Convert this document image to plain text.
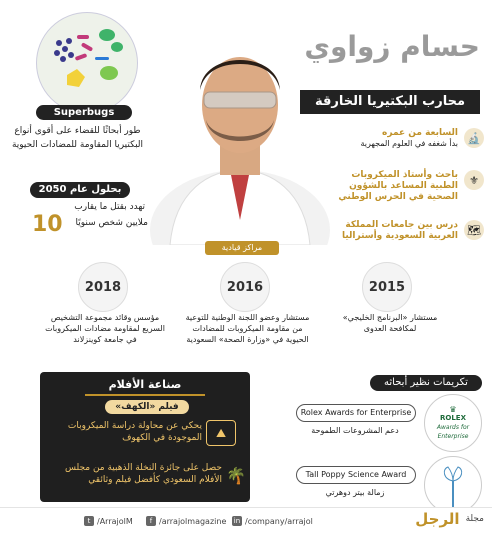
حسام زواوي
محارب البكتيريا الخارقة
Superbugs
طور أبحاثًا للقضاء على أقوى أنواع البكتيريا المقاومة للمضادات الحيوية
بحلول عام 2050
تهدد بقتل ما يقارب
10	ملايين شخص سنويًا
🔬
السابعة من عمره
بدأ شغفه في العلوم المجهرية
⚜
باحث وأستاذ الميكروبات الطبية المساعد بالشؤون الصحية في الحرس الوطني
🗺
درس بين جامعات المملكة العربية السعودية وأستراليا
مراكز قيادية
2018
مؤسس وقائد مجموعة التشخيص السريع لمقاومة مضادات الميكروبات في جامعة كوينزلاند
2016
مستشار وعضو اللجنة الوطنية للتوعية من مقاومة الميكروبات للمضادات الحيوية في «وزارة الصحة» السعودية
2015
مستشار «البرنامج الخليجي» لمكافحة العدوى
صناعة الأفلام
فيلم «الكهف»
⛰
يحكي عن محاولة دراسة الميكروبات الموجودة في الكهوف
🌴
حصل على جائزة النخلة الذهبية من مجلس الأفلام السعودي كأفضل فيلم وثائقي
تكريمات نظير أبحاثه
Rolex Awards for Enterprise
دعم المشروعات الطموحة
♛
ROLEX
Awards for Enterprise
Tall Poppy Science Award
زمالة بيتر دوهرتي
t /ArrajolM	f /arrajolmagazine in /company/arrajol	مجلة
الرجل
